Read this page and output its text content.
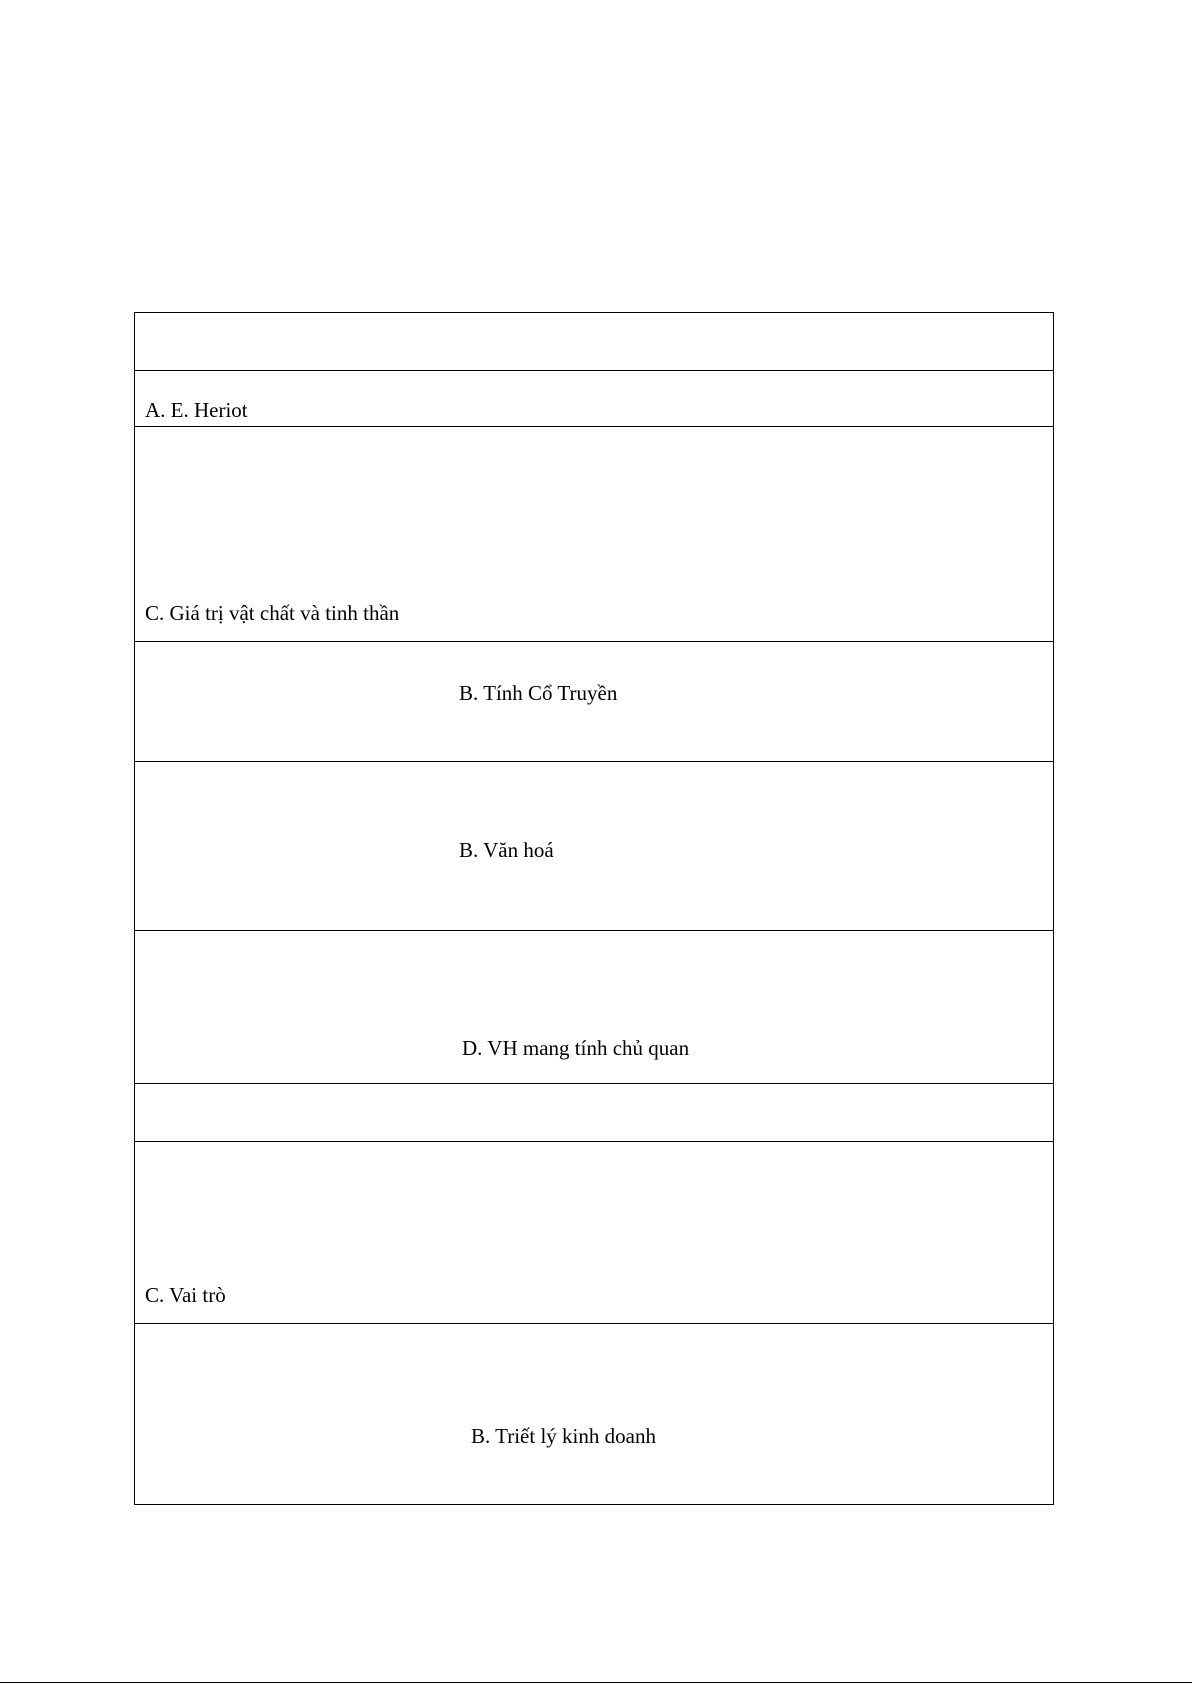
A. E. Heriot
C. Giá trị vật chất và tinh thần
B. Tính Cổ Truyền
B. Văn hoá
D. VH mang tính chủ quan

C. Vai trò
B. Triết lý kinh doanh
